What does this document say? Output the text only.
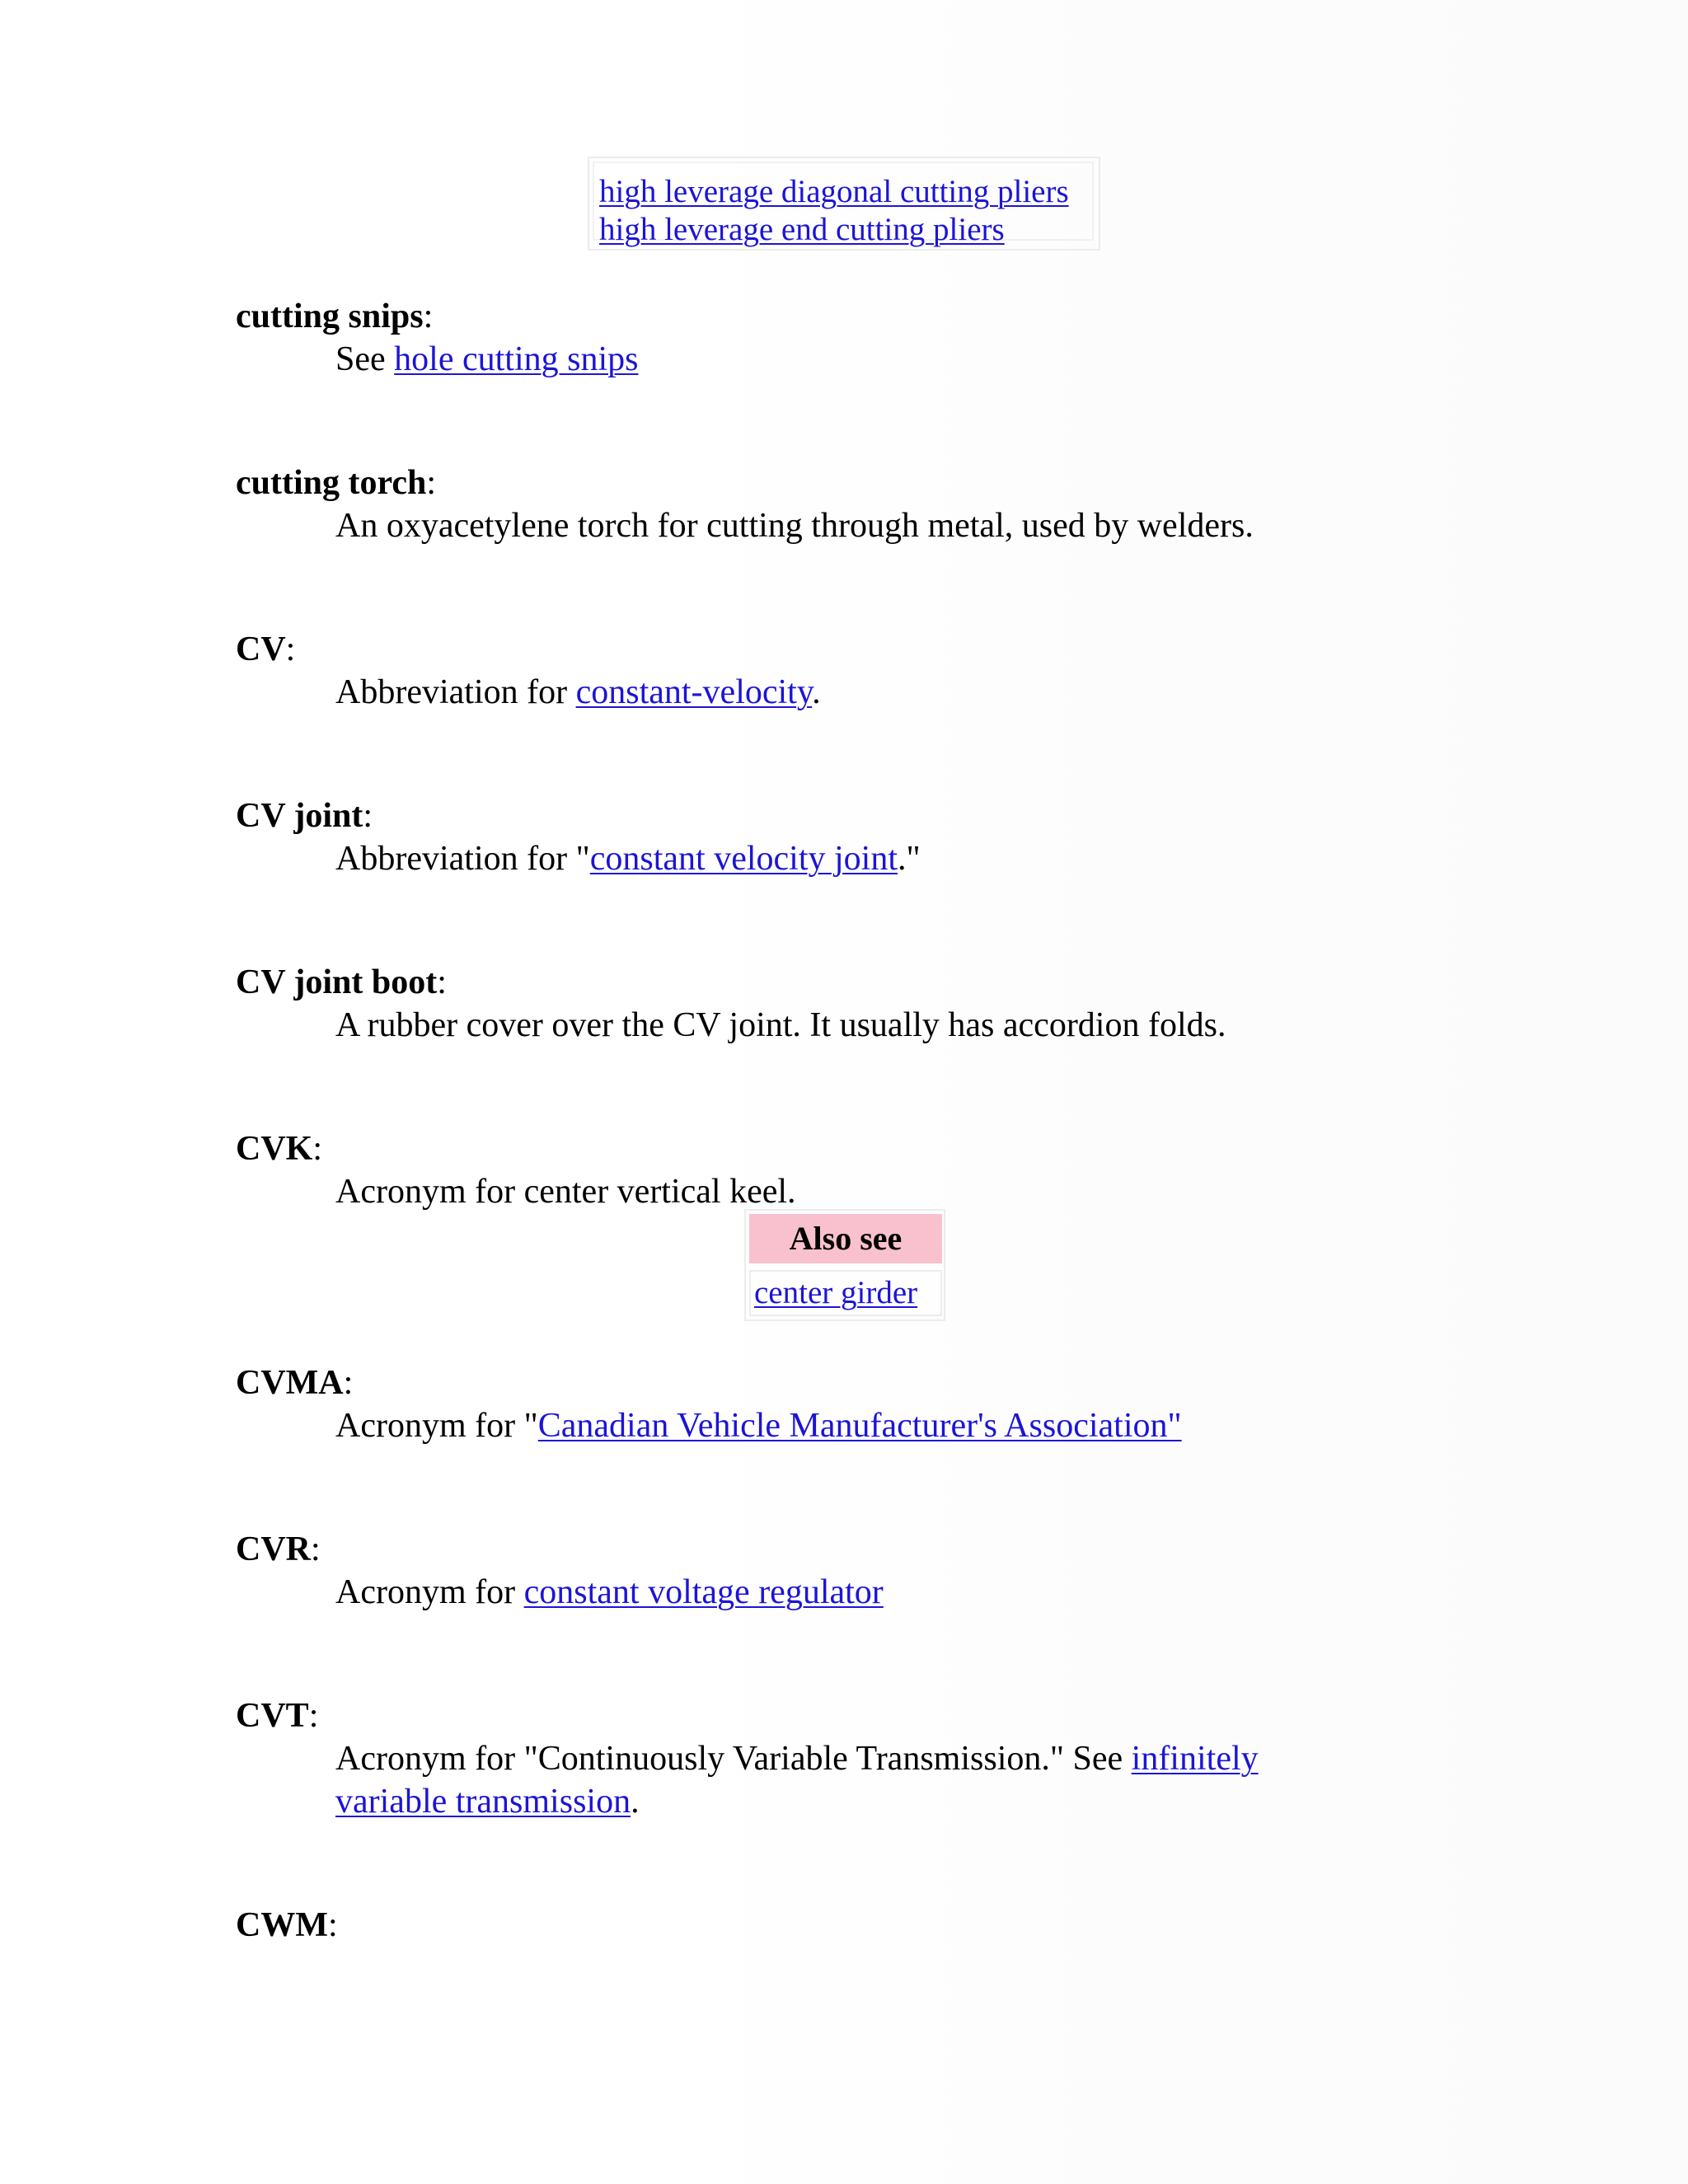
high leverage diagonal cutting pliers
high leverage end cutting pliers
cutting snips:
See hole cutting snips
cutting torch:
An oxyacetylene torch for cutting through metal, used by welders.
CV:
Abbreviation for constant-velocity.
CV joint:
Abbreviation for "constant velocity joint."
CV joint boot:
A rubber cover over the CV joint. It usually has accordion folds.
CVK:
Acronym for center vertical keel.
Also see
center girder
CVMA:
Acronym for "Canadian Vehicle Manufacturer's Association"
CVR:
Acronym for constant voltage regulator
CVT:
Acronym for "Continuously Variable Transmission." See infinitely variable transmission.
CWM:
